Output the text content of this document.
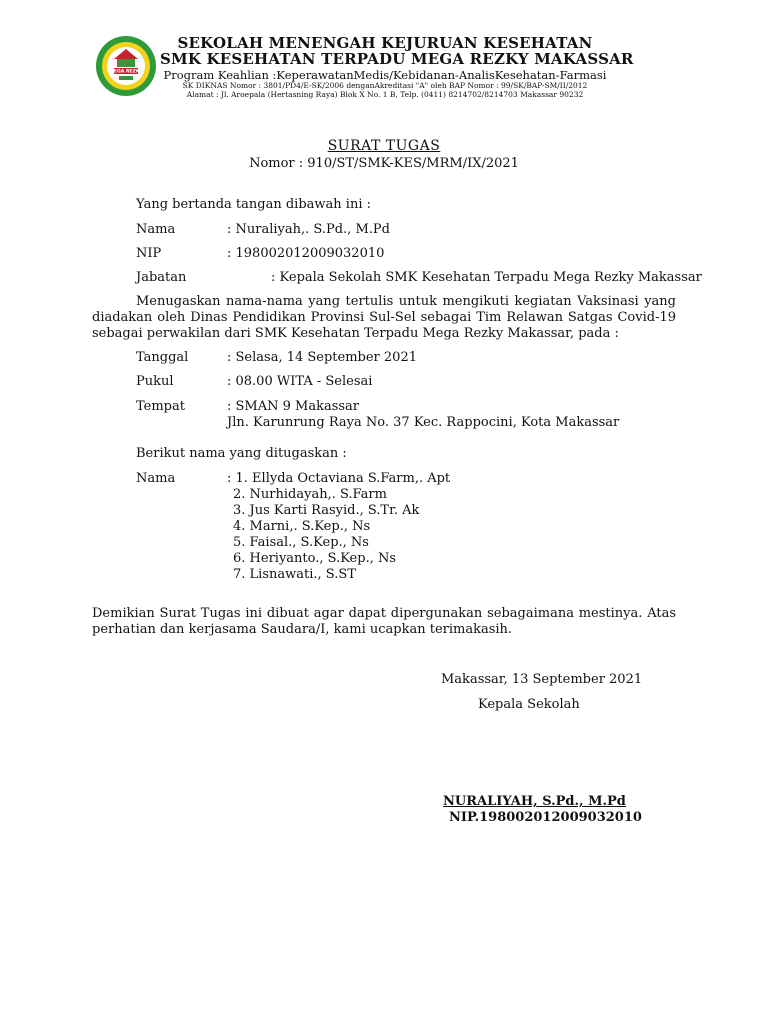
MEGA REZKY
SEKOLAH MENENGAH KEJURUAN KESEHATAN
SMK KESEHATAN TERPADU MEGA REZKY MAKASSAR
Program Keahlian :KeperawatanMedis/Kebidanan-AnalisKesehatan-Farmasi
SK DIKNAS Nomor : 3801/PD4/E-SK/2006 denganAkreditasi "A" oleh BAP Nomor : 99/SK/BAP-SM/II/2012
Alamat : Jl. Aroepala (Hertasning Raya) Blok X No. 1 B, Telp. (0411) 8214702/8214703 Makassar 90232
SURAT TUGAS
Nomor : 910/ST/SMK-KES/MRM/IX/2021
Yang bertanda tangan dibawah ini :
Nama	: Nuraliyah,. S.Pd., M.Pd
NIP	: 198002012009032010
Jabatan	: Kepala Sekolah SMK Kesehatan Terpadu Mega Rezky Makassar
Menugaskan nama-nama yang tertulis untuk mengikuti kegiatan Vaksinasi yang diadakan oleh Dinas Pendidikan Provinsi Sul-Sel sebagai Tim Relawan Satgas Covid-19 sebagai perwakilan dari SMK Kesehatan Terpadu Mega Rezky Makassar, pada :
Tanggal	: Selasa, 14 September 2021
Pukul	: 08.00 WITA - Selesai
Tempat	: SMAN 9 Makassar
Jln. Karunrung Raya No. 37 Kec. Rappocini, Kota Makassar
Berikut nama yang ditugaskan :
Nama	: 1. Ellyda Octaviana S.Farm,. Apt
2. Nurhidayah,. S.Farm
3. Jus Karti Rasyid., S.Tr. Ak
4. Marni,. S.Kep., Ns
5. Faisal., S.Kep., Ns
6. Heriyanto., S.Kep., Ns
7. Lisnawati., S.ST
Demikian Surat Tugas ini dibuat agar dapat dipergunakan sebagaimana mestinya. Atas perhatian dan kerjasama Saudara/I, kami ucapkan terimakasih.
Makassar, 13 September 2021
Kepala Sekolah
NURALIYAH, S.Pd., M.Pd
NIP.198002012009032010
